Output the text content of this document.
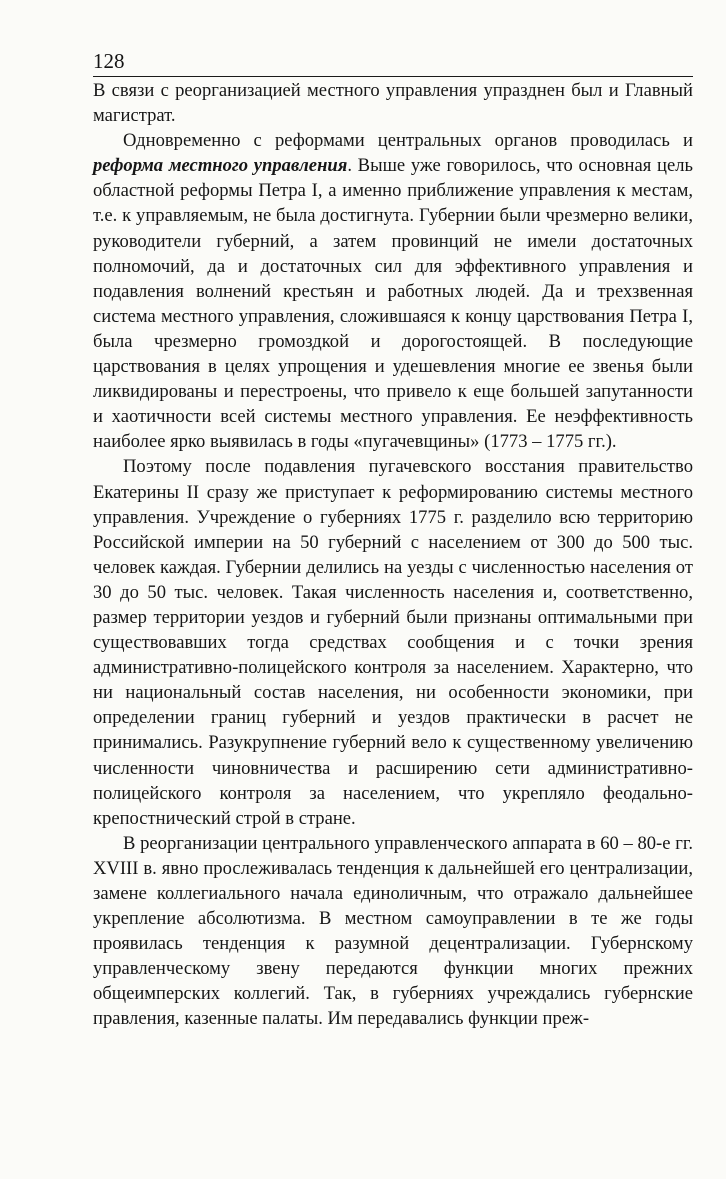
128

В связи с реорганизацией местного управления упразднен был и Главный магистрат.

Одновременно с реформами центральных органов проводилась и реформа местного управления. Выше уже говорилось, что основная цель областной реформы Петра I, а именно приближение управления к местам, т.е. к управляемым, не была достигнута. Губернии были чрезмерно велики, руководители губерний, а затем провинций не имели достаточных полномочий, да и достаточных сил для эффективного управления и подавления волнений крестьян и работных людей. Да и трехзвенная система местного управления, сложившаяся к концу царствования Петра I, была чрезмерно громоздкой и дорогостоящей. В последующие царствования в целях упрощения и удешевления многие ее звенья были ликвидированы и перестроены, что привело к еще большей запутанности и хаотичности всей системы местного управления. Ее неэффективность наиболее ярко выявилась в годы «пугачевщины» (1773 – 1775 гг.).

Поэтому после подавления пугачевского восстания правительство Екатерины II сразу же приступает к реформированию системы местного управления. Учреждение о губерниях 1775 г. разделило всю территорию Российской империи на 50 губерний с населением от 300 до 500 тыс. человек каждая. Губернии делились на уезды с численностью населения от 30 до 50 тыс. человек. Такая численность населения и, соответственно, размер территории уездов и губерний были признаны оптимальными при существовавших тогда средствах сообщения и с точки зрения административно-полицейского контроля за населением. Характерно, что ни национальный состав населения, ни особенности экономики, при определении границ губерний и уездов практически в расчет не принимались. Разукрупнение губерний вело к существенному увеличению численности чиновничества и расширению сети административно-полицейского контроля за населением, что укрепляло феодально-крепостнический строй в стране.

В реорганизации центрального управленческого аппарата в 60 – 80-е гг. XVIII в. явно прослеживалась тенденция к дальнейшей его централизации, замене коллегиального начала единоличным, что отражало дальнейшее укрепление абсолютизма. В местном самоуправлении в те же годы проявилась тенденция к разумной децентрализации. Губернскому управленческому звену передаются функции многих прежних общеимперских коллегий. Так, в губерниях учреждались губернские правления, казенные палаты. Им передавались функции преж-
